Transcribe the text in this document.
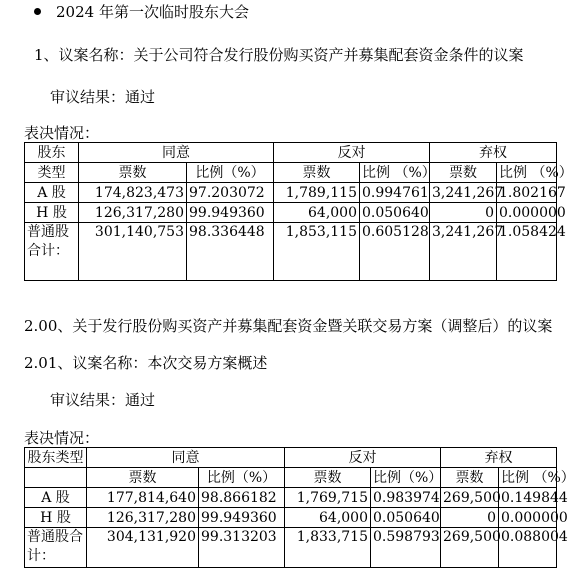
2024 年第一次临时股东大会
1、议案名称：关于公司符合发行股份购买资产并募集配套资金条件的议案
审议结果：通过
表决情况：
股东	同意		反对		弃权	
类型	票数	比例（%）	票数	比例 （%）	票数	比例 （%）
A 股	174,823,473	97.203072	1,789,115	0.994761	3,241,267	1.802167
H 股	126,317,280	99.949360	64,000	0.050640	0	0.000000
普通股合计：	301,140,753	98.336448	1,853,115	0.605128	3,241,267	1.058424
2.00、关于发行股份购买资产并募集配套资金暨关联交易方案（调整后）的议案
2.01、议案名称：本次交易方案概述
审议结果：通过
表决情况：
股东类型	同意		反对		弃权	
	票数	比例（%）	票数	比例（%）	票数	比例 （%）
A 股	177,814,640	98.866182	1,769,715	0.983974	269,500	0.149844
H 股	126,317,280	99.949360	64,000	0.050640	0	0.000000
普通股合计：	304,131,920	99.313203	1,833,715	0.598793	269,500	0.088004
